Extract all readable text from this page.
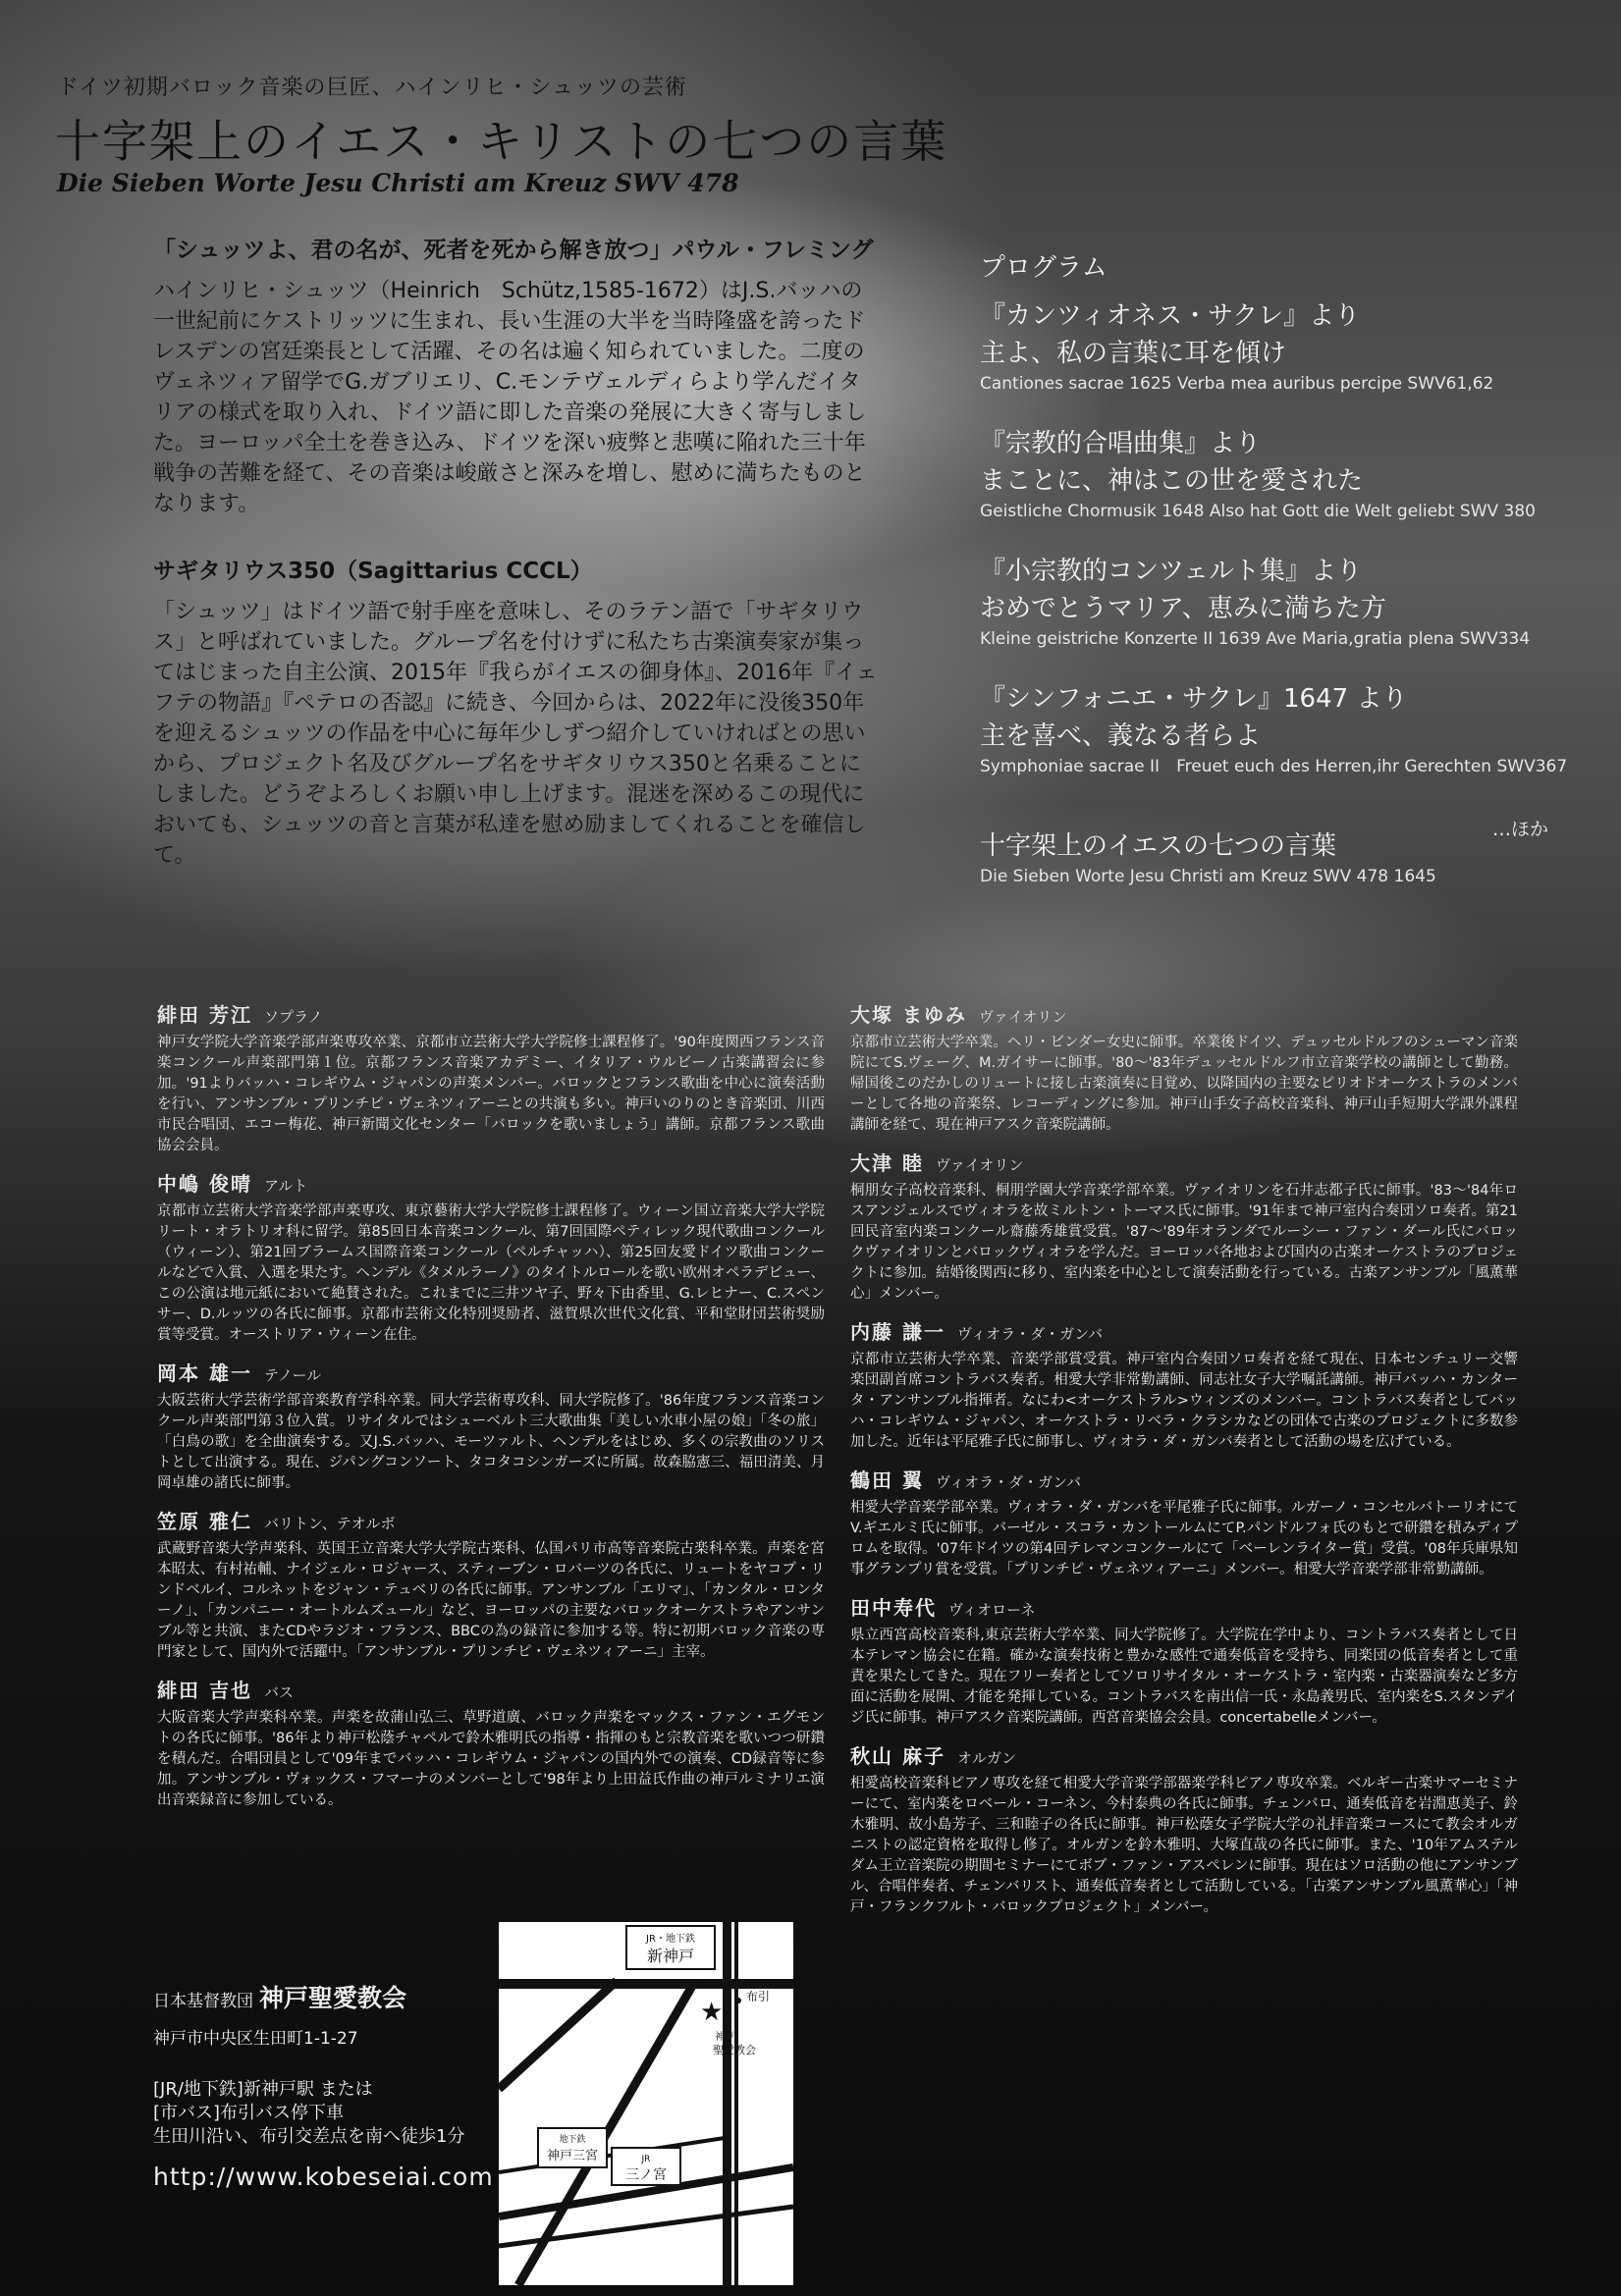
ドイツ初期バロック音楽の巨匠、ハインリヒ・シュッツの芸術
十字架上のイエス・キリストの七つの言葉
Die Sieben Worte Jesu Christi am Kreuz SWV 478
「シュッツよ、君の名が、死者を死から解き放つ」パウル・フレミング

ハインリヒ・シュッツ（Heinrich　Schütz,1585-1672）はJ.S.バッハの一世紀前にケストリッツに生まれ、長い生涯の大半を当時隆盛を誇ったドレスデンの宮廷楽長として活躍、その名は遍く知られていました。二度のヴェネツィア留学でG.ガブリエリ、C.モンテヴェルディらより学んだイタリアの様式を取り入れ、ドイツ語に即した音楽の発展に大きく寄与しました。ヨーロッパ全土を巻き込み、ドイツを深い疲弊と悲嘆に陥れた三十年戦争の苦難を経て、その音楽は峻厳さと深みを増し、慰めに満ちたものとなります。

サギタリウス350（Sagittarius CCCL）

「シュッツ」はドイツ語で射手座を意味し、そのラテン語で「サギタリウス」と呼ばれていました。グループ名を付けずに私たち古楽演奏家が集ってはじまった自主公演、2015年『我らがイエスの御身体』、2016年『イェフテの物語』『ペテロの否認』に続き、今回からは、2022年に没後350年を迎えるシュッツの作品を中心に毎年少しずつ紹介していければとの思いから、プロジェクト名及びグループ名をサギタリウス350と名乗ることにしました。どうぞよろしくお願い申し上げます。混迷を深めるこの現代においても、シュッツの音と言葉が私達を慰め励ましてくれることを確信して。

プログラム
『カンツィオネス・サクレ』より
主よ、私の言葉に耳を傾け
Cantiones sacrae 1625 Verba mea auribus percipe SWV61,62
『宗教的合唱曲集』より
まことに、神はこの世を愛された
Geistliche Chormusik 1648 Also hat Gott die Welt geliebt SWV 380
『小宗教的コンツェルト集』より
おめでとうマリア、恵みに満ちた方
Kleine geistriche Konzerte II 1639 Ave Maria,gratia plena SWV334
『シンフォニエ・サクレ』1647 より
主を喜べ、義なる者らよ
Symphoniae sacrae II　Freuet euch des Herren,ihr Gerechten SWV367
十字架上のイエスの七つの言葉
Die Sieben Worte Jesu Christi am Kreuz SWV 478 1645
…ほか
緋田 芳江 ソプラノ
神戸女学院大学音楽学部声楽専攻卒業、京都市立芸術大学大学院修士課程修了。'90年度関西フランス音楽コンクール声楽部門第１位。京都フランス音楽アカデミー、イタリア・ウルビーノ古楽講習会に参加。'91よりバッハ・コレギウム・ジャパンの声楽メンバー。バロックとフランス歌曲を中心に演奏活動を行い、アンサンブル・プリンチピ・ヴェネツィアーニとの共演も多い。神戸いのりのとき音楽団、川西市民合唱団、エコー梅花、神戸新聞文化センター「バロックを歌いましょう」講師。京都フランス歌曲協会会員。
中嶋 俊晴 アルト
京都市立芸術大学音楽学部声楽専攻、東京藝術大学大学院修士課程修了。ウィーン国立音楽大学大学院リート・オラトリオ科に留学。第85回日本音楽コンクール、第7回国際ペティレック現代歌曲コンクール（ウィーン）、第21回ブラームス国際音楽コンクール（ペルチャッハ）、第25回友愛ドイツ歌曲コンクールなどで入賞、入選を果たす。ヘンデル《タメルラーノ》のタイトルロールを歌い欧州オペラデビュー、この公演は地元紙において絶賛された。これまでに三井ツヤ子、野々下由香里、G.レヒナー、C.スペンサー、D.ルッツの各氏に師事。京都市芸術文化特別奨励者、滋賀県次世代文化賞、平和堂財団芸術奨励賞等受賞。オーストリア・ウィーン在住。
岡本 雄一 テノール
大阪芸術大学芸術学部音楽教育学科卒業。同大学芸術専攻科、同大学院修了。'86年度フランス音楽コンクール声楽部門第３位入賞。リサイタルではシューベルト三大歌曲集「美しい水車小屋の娘」「冬の旅」「白鳥の歌」を全曲演奏する。又J.S.バッハ、モーツァルト、ヘンデルをはじめ、多くの宗教曲のソリストとして出演する。現在、ジパングコンソート、タコタコシンガーズに所属。故森脇憲三、福田清美、月岡卓雄の諸氏に師事。
笠原 雅仁 バリトン、テオルボ
武蔵野音楽大学声楽科、英国王立音楽大学大学院古楽科、仏国パリ市高等音楽院古楽科卒業。声楽を宮本昭太、有村祐輔、ナイジェル・ロジャース、スティーブン・ロバーツの各氏に、リュートをヤコプ・リンドベルイ、コルネットをジャン・テュベリの各氏に師事。アンサンブル「エリマ」、「カンタル・ロンターノ」、「カンパニー・オートルムズュール」など、ヨーロッパの主要なバロックオーケストラやアンサンブル等と共演、またCDやラジオ・フランス、BBCの為の録音に参加する等。特に初期バロック音楽の専門家として、国内外で活躍中。「アンサンブル・プリンチピ・ヴェネツィアーニ」主宰。
緋田 吉也 バス
大阪音楽大学声楽科卒業。声楽を故蒲山弘三、草野道廣、バロック声楽をマックス・ファン・エグモントの各氏に師事。'86年より神戸松蔭チャペルで鈴木雅明氏の指導・指揮のもと宗教音楽を歌いつつ研鑽を積んだ。合唱団員として'09年までバッハ・コレギウム・ジャパンの国内外での演奏、CD録音等に参加。アンサンブル・ヴォックス・フマーナのメンバーとして'98年より上田益氏作曲の神戸ルミナリエ演出音楽録音に参加している。
大塚 まゆみ ヴァイオリン
京都市立芸術大学卒業。ヘリ・ビンダー女史に師事。卒業後ドイツ、デュッセルドルフのシューマン音楽院にてS.ヴェーグ、M.ガイサーに師事。'80～'83年デュッセルドルフ市立音楽学校の講師として勤務。帰国後このだかしのリュートに接し古楽演奏に目覚め、以降国内の主要なピリオドオーケストラのメンバーとして各地の音楽祭、レコーディングに参加。神戸山手女子高校音楽科、神戸山手短期大学課外課程講師を経て、現在神戸アスク音楽院講師。
大津 睦 ヴァイオリン
桐朋女子高校音楽科、桐朋学園大学音楽学部卒業。ヴァイオリンを石井志都子氏に師事。'83～'84年ロスアンジェルスでヴィオラを故ミルトン・トーマス氏に師事。'91年まで神戸室内合奏団ソロ奏者。第21回民音室内楽コンクール齋藤秀雄賞受賞。'87～'89年オランダでルーシー・ファン・ダール氏にバロックヴァイオリンとバロックヴィオラを学んだ。ヨーロッパ各地および国内の古楽オーケストラのプロジェクトに参加。結婚後関西に移り、室内楽を中心として演奏活動を行っている。古楽アンサンブル「風薫華心」メンバー。
内藤 謙一 ヴィオラ・ダ・ガンバ
京都市立芸術大学卒業、音楽学部賞受賞。神戸室内合奏団ソロ奏者を経て現在、日本センチュリー交響楽団副首席コントラバス奏者。相愛大学非常勤講師、同志社女子大学嘱託講師。神戸バッハ・カンタータ・アンサンブル指揮者。なにわ<オーケストラル>ウィンズのメンバー。コントラバス奏者としてバッハ・コレギウム・ジャパン、オーケストラ・リベラ・クラシカなどの団体で古楽のプロジェクトに多数参加した。近年は平尾雅子氏に師事し、ヴィオラ・ダ・ガンバ奏者として活動の場を広げている。
鶴田 翼 ヴィオラ・ダ・ガンバ
相愛大学音楽学部卒業。ヴィオラ・ダ・ガンバを平尾雅子氏に師事。ルガーノ・コンセルバトーリオにてV.ギエルミ氏に師事。バーゼル・スコラ・カントールムにてP.パンドルフォ氏のもとで研鑽を積みディプロムを取得。'07年ドイツの第4回テレマンコンクールにて「ベーレンライター賞」受賞。'08年兵庫県知事グランプリ賞を受賞。「プリンチピ・ヴェネツィアーニ」メンバー。相愛大学音楽学部非常勤講師。
田中寿代 ヴィオローネ
県立西宮高校音楽科,東京芸術大学卒業、同大学院修了。大学院在学中より、コントラバス奏者として日本テレマン協会に在籍。確かな演奏技術と豊かな感性で通奏低音を受持ち、同楽団の低音奏者として重責を果たしてきた。現在フリー奏者としてソロリサイタル・オーケストラ・室内楽・古楽器演奏など多方面に活動を展開、才能を発揮している。コントラバスを南出信一氏・永島義男氏、室内楽をS.スタンデイジ氏に師事。神戸アスク音楽院講師。西宮音楽協会会員。concertabelleメンバー。
秋山 麻子 オルガン
相愛高校音楽科ピアノ専攻を経て相愛大学音楽学部器楽学科ピアノ専攻卒業。ベルギー古楽サマーセミナーにて、室内楽をロベール・コーネン、今村泰典の各氏に師事。チェンバロ、通奏低音を岩淵恵美子、鈴木雅明、故小島芳子、三和睦子の各氏に師事。神戸松蔭女子学院大学の礼拝音楽コースにて教会オルガニストの認定資格を取得し修了。オルガンを鈴木雅明、大塚直哉の各氏に師事。また、'10年アムステルダム王立音楽院の期間セミナーにてボブ・ファン・アスペレンに師事。現在はソロ活動の他にアンサンブル、合唱伴奏者、チェンバリスト、通奏低音奏者として活動している。「古楽アンサンブル風薫華心」「神戸・フランクフルト・バロックプロジェクト」メンバー。
日本基督教団 神戸聖愛教会
神戸市中央区生田町1-1-27
[JR/地下鉄]新神戸駅 または
[市バス]布引バス停下車
生田川沿い、布引交差点を南へ徒歩1分
http://www.kobeseiai.com
JR・地下鉄
新神戸
布引
★
神戸
聖愛教会
地下鉄
神戸三宮	JR
三ノ宮
